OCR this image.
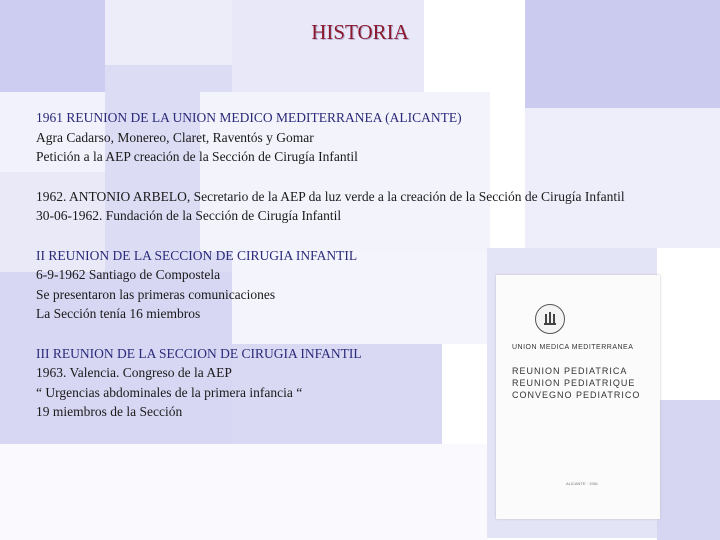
HISTORIA
1961 REUNION DE LA UNION MEDICO MEDITERRANEA (ALICANTE)
Agra Cadarso, Monereo, Claret, Raventós y Gomar
Petición a la AEP creación de la Sección de Cirugía Infantil
1962. ANTONIO ARBELO, Secretario de la AEP da luz verde a la creación de la Sección de Cirugía Infantil
30-06-1962. Fundación de la Sección de Cirugía Infantil
II REUNION DE LA SECCION DE CIRUGIA INFANTIL
6-9-1962 Santiago de Compostela
Se presentaron las primeras comunicaciones
La Sección tenía 16 miembros
III REUNION DE LA SECCION DE CIRUGIA INFANTIL
1963. Valencia. Congreso de la AEP
“ Urgencias abdominales de la primera infancia “
19 miembros de la Sección
UNION MEDICA MEDITERRANEA
REUNION PEDIATRICA
REUNION PEDIATRIQUE
CONVEGNO PEDIATRICO
ALICANTE · 1961
